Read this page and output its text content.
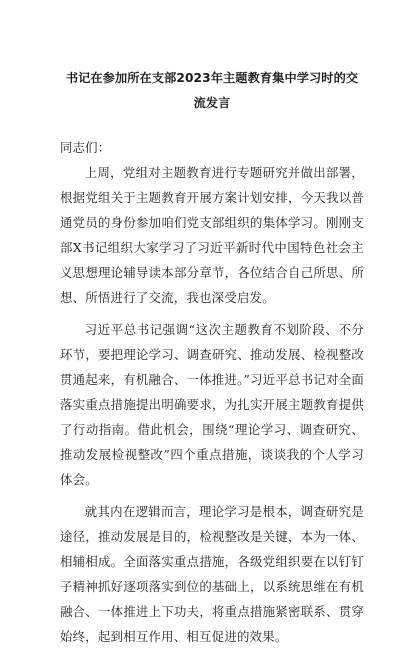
书记在参加所在支部2023年主题教育集中学习时的交流发言

同志们：

上周，党组对主题教育进行专题研究并做出部署，根据党组关于主题教育开展方案计划安排，今天我以普通党员的身份参加咱们党支部组织的集体学习。刚刚支部X书记组织大家学习了习近平新时代中国特色社会主义思想理论辅导读本部分章节，各位结合自己所思、所想、所悟进行了交流，我也深受启发。

习近平总书记强调“这次主题教育不划阶段、不分环节，要把理论学习、调查研究、推动发展、检视整改贯通起来，有机融合、一体推进。”习近平总书记对全面落实重点措施提出明确要求，为扎实开展主题教育提供了行动指南。借此机会，围绕“理论学习、调查研究、推动发展检视整改”四个重点措施，谈谈我的个人学习体会。

就其内在逻辑而言，理论学习是根本，调查研究是途径，推动发展是目的，检视整改是关键，本为一体、相辅相成。全面落实重点措施，各级党组织要在以钉钉子精神抓好逐项落实到位的基础上，以系统思维在有机融合、一体推进上下功夫，将重点措施紧密联系、贯穿始终，起到相互作用、相互促进的效果。
